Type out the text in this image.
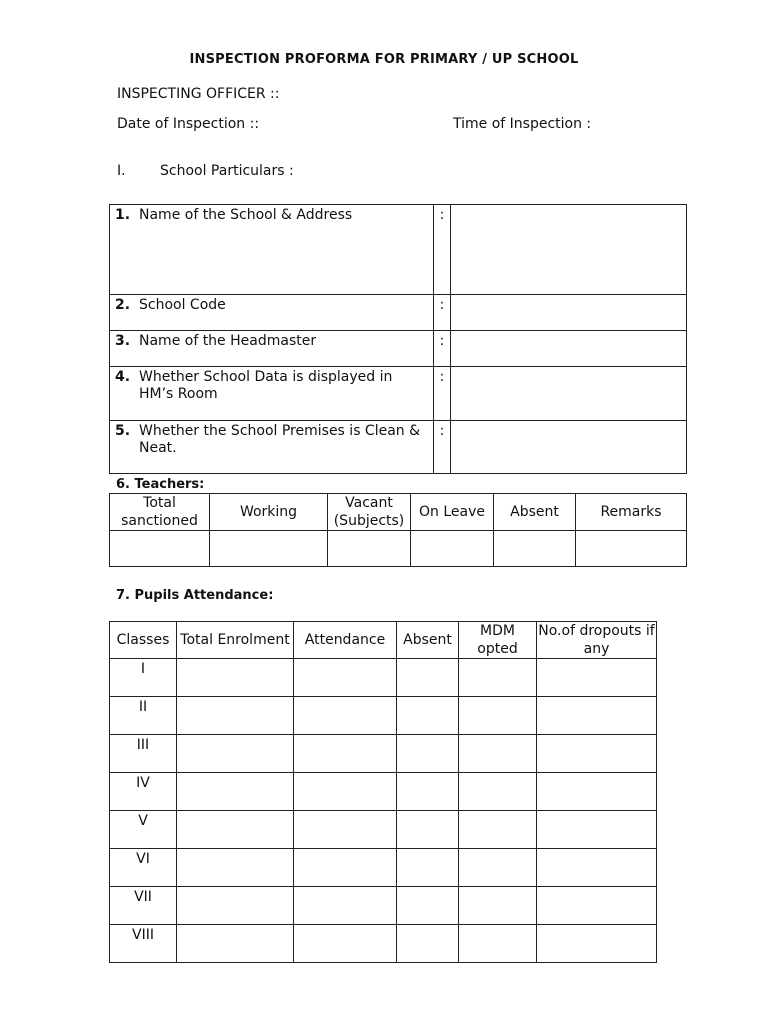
INSPECTION PROFORMA FOR PRIMARY / UP SCHOOL
INSPECTING OFFICER ::
Date of Inspection ::	Time of Inspection :
I. School Particulars :
1.	Name of the School & Address	:	
2.	School Code	:	
3.	Name of the Headmaster	:	
4.	Whether School Data is displayed in HM’s Room	:	
5.	Whether the School Premises is Clean & Neat.	:	
6. Teachers:
Total sanctioned	Working	Vacant (Subjects)	On Leave	Absent	Remarks

7. Pupils Attendance:
Classes	Total Enrolment	Attendance	Absent	MDM opted	No.of dropouts if any
I					
II					
III					
IV					
V					
VI					
VII					
VIII					
